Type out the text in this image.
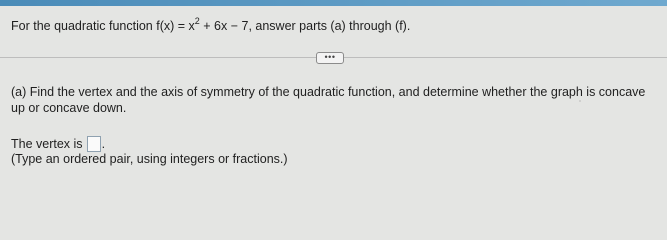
For the quadratic function $f(x) = x^2 + 6x - 7$, answer parts (a) through (f).
•••
(a) Find the vertex and the axis of symmetry of the quadratic function, and determine whether the graph is concave up or concave down.
The vertex is .
(Type an ordered pair, using integers or fractions.)
